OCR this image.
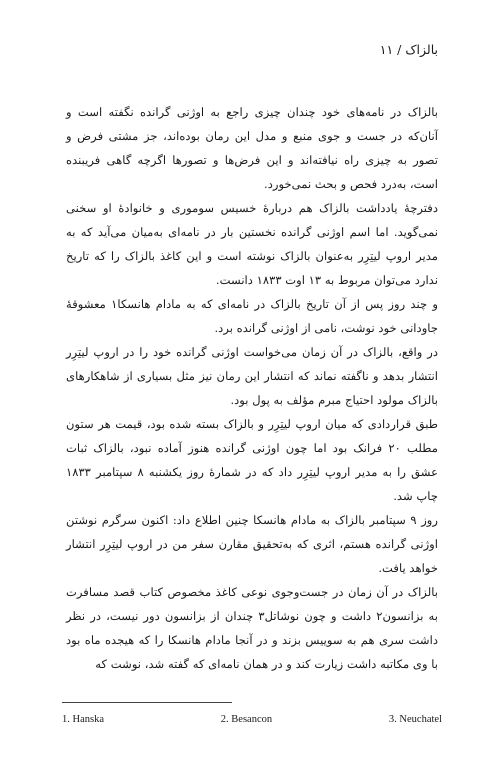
بالزاک / ۱۱

بالزاک در نامه‌های خود چندان چیزی راجع به اوژنی گرانده نگفته است و آنان‌که در جست و جوی منبع و مدل این رمان بوده‌اند، جز مشتی فرض و تصور به چیزی راه نیافته‌اند و این فرض‌ها و تصورها اگرچه گاهی فریبنده است، به‌درد فحص و بحث نمی‌خورد.

دفترچهٔ یادداشت بالزاک هم دربارهٔ خسیس سوموری و خانوادهٔ او سخنی نمی‌گوید. اما اسم اوژنی گرانده نخستین بار در نامه‌ای به‌میان می‌آید که به مدیر اروپ لیتِرِر به‌عنوان بالزاک نوشته است و این کاغذ بالزاک را که تاریخ ندارد می‌توان مربوط به ۱۳ اوت ۱۸۳۳ دانست.

و چند روز پس از آن تاریخ بالزاک در نامه‌ای که به مادام هانسکا۱ معشوقهٔ جاودانی خود نوشت، نامی از اوژنی گرانده برد.

در واقع، بالزاک در آن زمان می‌خواست اوژنی گرانده‌ خود را در اروپ لیتِرِر انتشار بدهد و ناگفته نماند که انتشار این رمان نیز مثل بسیاری از شاهکارهای بالزاک مولود احتیاج مبرم مؤلف به پول بود.

طبق قراردادی که میان اروپ لیتِرِر و بالزاک بسته شده بود، قیمت هر ستون مطلب ۲۰ فرانک بود اما چون اوژنی گرانده هنوز آماده نبود، بالزاک ثبات عشق را به مدیر اروپ لیتِرِر داد که در شمارهٔ روز یکشنبه ۸ سپتامبر ۱۸۳۳ چاپ شد.

روز ۹ سپتامبر بالزاک به مادام هانسکا چنین اطلاع داد: اکنون سرگرم نوشتن اوژنی گرانده هستم، اثری که به‌تحقیق مقارن سفر من در اروپ لیتِرِر انتشار خواهد یافت.

بالزاک در آن زمان در جست‌وجوی نوعی کاغذ مخصوص کتاب قصد مسافرت به بزانسون۲ داشت و چون نوشاتل۳ چندان از بزانسون دور نیست، در نظر داشت سری هم به سوییس بزند و در آنجا مادام هانسکا را که هیجده ماه بود با وی مکاتبه داشت زیارت کند و در همان نامه‌ای که گفته شد، نوشت که

1. Hanska	2. Besancon	3. Neuchatel
